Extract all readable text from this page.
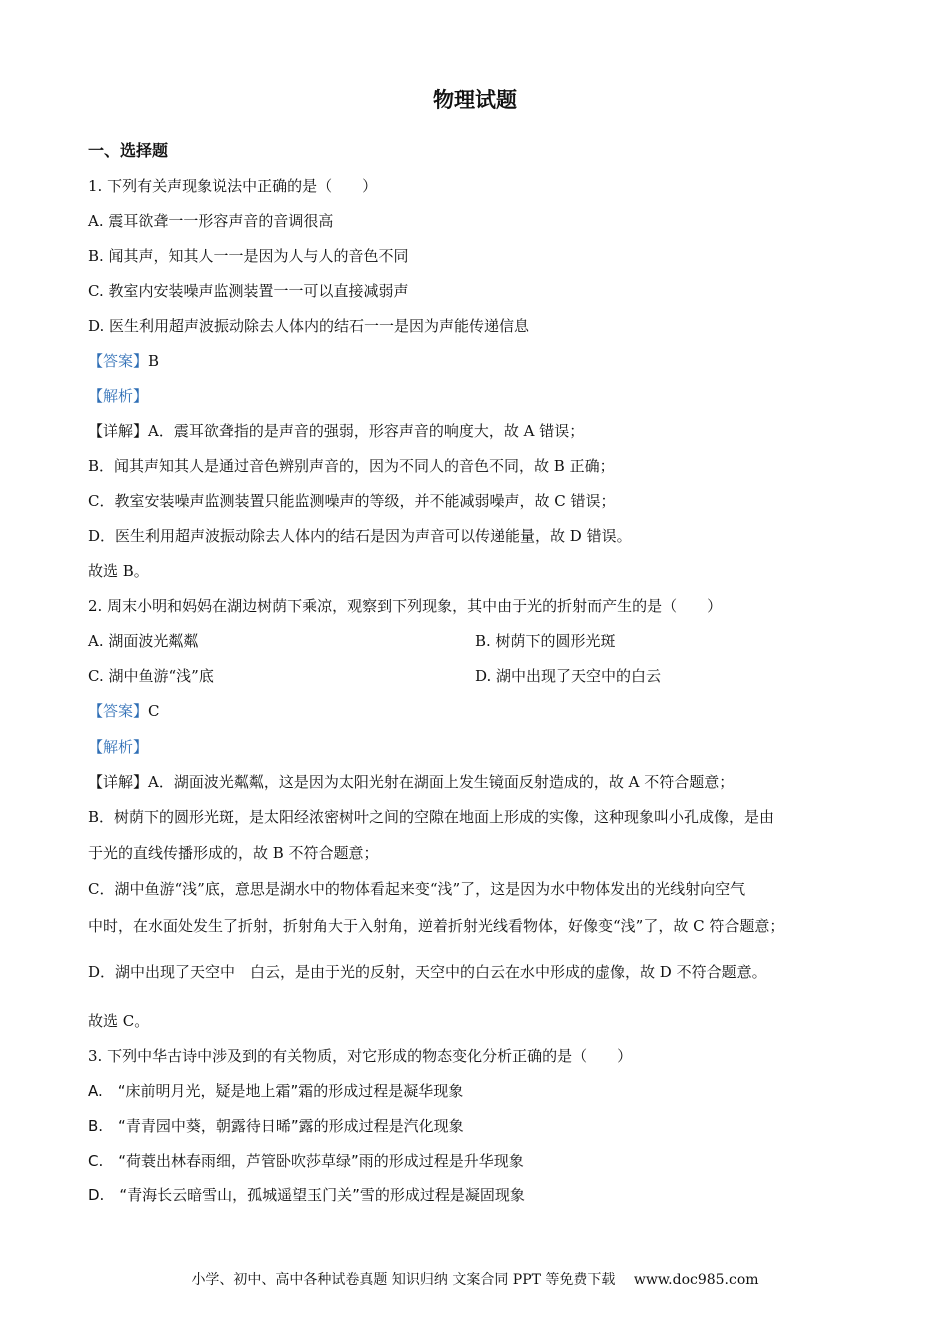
物理试题
一、选择题
1. 下列有关声现象说法中正确的是（　　）
A. 震耳欲聋一一形容声音的音调很高
B. 闻其声，知其人一一是因为人与人的音色不同
C. 教室内安装噪声监测装置一一可以直接减弱声
D. 医生利用超声波振动除去人体内的结石一一是因为声能传递信息
【答案】B
【解析】
【详解】A．震耳欲聋指的是声音的强弱，形容声音的响度大，故 A 错误；
B．闻其声知其人是通过音色辨别声音的，因为不同人的音色不同，故 B 正确；
C．教室安装噪声监测装置只能监测噪声的等级，并不能减弱噪声，故 C 错误；
D．医生利用超声波振动除去人体内的结石是因为声音可以传递能量，故 D 错误。
故选 B。
2. 周末小明和妈妈在湖边树荫下乘凉，观察到下列现象，其中由于光的折射而产生的是（　　）
A. 湖面波光粼粼	B. 树荫下的圆形光斑
C. 湖中鱼游“浅”底	D. 湖中出现了天空中的白云
【答案】C
【解析】
【详解】A．湖面波光粼粼，这是因为太阳光射在湖面上发生镜面反射造成的，故 A 不符合题意；
B．树荫下的圆形光斑，是太阳经浓密树叶之间的空隙在地面上形成的实像，这种现象叫小孔成像，是由
于光的直线传播形成的，故 B 不符合题意；
C．湖中鱼游“浅”底，意思是湖水中的物体看起来变“浅”了，这是因为水中物体发出的光线射向空气
中时，在水面处发生了折射，折射角大于入射角，逆着折射光线看物体，好像变“浅”了，故 C 符合题意；
D．湖中出现了天空中　白云，是由于光的反射，天空中的白云在水中形成的虚像，故 D 不符合题意。
故选 C。
3. 下列中华古诗中涉及到的有关物质，对它形成的物态变化分析正确的是（　　）
A.　“床前明月光，疑是地上霜”霜的形成过程是凝华现象
B.　“青青园中葵，朝露待日晞”露的形成过程是汽化现象
C.　“荷蓑出林春雨细，芦管卧吹莎草绿”雨的形成过程是升华现象
D.　“青海长云暗雪山，孤城遥望玉门关”雪的形成过程是凝固现象
小学、初中、高中各种试卷真题 知识归纳 文案合同 PPT 等免费下载　 www.doc985.com
